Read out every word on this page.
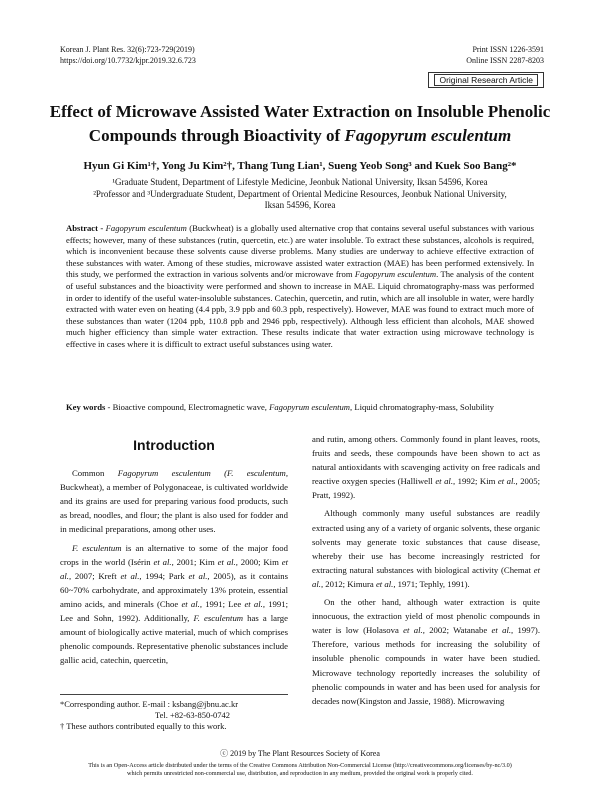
Korean J. Plant Res. 32(6):723-729(2019)
https://doi.org/10.7732/kjpr.2019.32.6.723
Print ISSN 1226-3591
Online ISSN 2287-8203
Original Research Article
Effect of Microwave Assisted Water Extraction on Insoluble Phenolic
Compounds through Bioactivity of Fagopyrum esculentum
Hyun Gi Kim¹†, Yong Ju Kim²†, Thang Tung Lian¹, Sueng Yeob Song³ and Kuek Soo Bang²*
¹Graduate Student, Department of Lifestyle Medicine, Jeonbuk National University, Iksan 54596, Korea
²Professor and ³Undergraduate Student, Department of Oriental Medicine Resources, Jeonbuk National University,
Iksan 54596, Korea
Abstract - Fagopyrum esculentum (Buckwheat) is a globally used alternative crop that contains several useful substances with various effects; however, many of these substances (rutin, quercetin, etc.) are water insoluble. To extract these substances, alcohols is required, which is inconvenient because these solvents cause diverse problems. Many studies are underway to achieve effective extraction of these substances with water. Among of these studies, microwave assisted water extraction (MAE) has been performed extensively. In this study, we performed the extraction in various solvents and/or microwave from Fagopyrum esculentum. The analysis of the content of useful substances and the bioactivity were performed and shown to increase in MAE. Liquid chromatography-mass was performed in order to identify of the useful water-insoluble substances. Catechin, quercetin, and rutin, which are all insoluble in water, were hardly extracted with water even on heating (4.4 ppb, 3.9 ppb and 60.3 ppb, respectively). However, MAE was found to extract much more of these substances than water (1204 ppb, 110.8 ppb and 2946 ppb, respectively). Although less efficient than alcohols, MAE showed much higher efficiency than simple water extraction. These results indicate that water extraction using microwave technology is effective in cases where it is difficult to extract useful substances using water.
Key words - Bioactive compound, Electromagnetic wave, Fagopyrum esculentum, Liquid chromatography-mass, Solubility
Introduction

Common Fagopyrum esculentum (F. esculentum, Buckwheat), a member of Polygonaceae, is cultivated worldwide and its grains are used for preparing various food products, such as bread, noodles, and flour; the plant is also used for fodder and in medicinal preparations, among other uses.

F. esculentum is an alternative to some of the major food crops in the world (Isérin et al., 2001; Kim et al., 2000; Kim et al., 2007; Kreft et al., 1994; Park et al., 2005), as it contains 60~70% carbohydrate, and approximately 13% protein, essential amino acids, and minerals (Choe et al., 1991; Lee et al., 1991; Lee and Sohn, 1992). Additionally, F. esculentum has a large amount of biologically active material, much of which comprises phenolic compounds. Representative phenolic substances include gallic acid, catechin, quercetin,

*Corresponding author. E-mail : ksbang@jbnu.ac.kr
Tel. +82-63-850-0742
† These authors contributed equally to this work.

and rutin, among others. Commonly found in plant leaves, roots, fruits and seeds, these compounds have been shown to act as natural antioxidants with scavenging activity on free radicals and reactive oxygen species (Halliwell et al., 1992; Kim et al., 2005; Pratt, 1992).

Although commonly many useful substances are readily extracted using any of a variety of organic solvents, these organic solvents may generate toxic substances that cause disease, whereby their use has become increasingly restricted for extracting natural substances with biological activity (Chemat et al., 2012; Kimura et al., 1971; Tephly, 1991).

On the other hand, although water extraction is quite innocuous, the extraction yield of most phenolic compounds in water is low (Holasova et al., 2002; Watanabe et al., 1997). Therefore, various methods for increasing the solubility of insoluble phenolic compounds in water have been studied. Microwave technology reportedly increases the solubility of phenolic compounds in water and has been used for analysis for decades now(Kingston and Jassie, 1988). Microwaving

ⓒ 2019 by The Plant Resources Society of Korea
This is an Open-Access article distributed under the terms of the Creative Commons Attribution Non-Commercial License (http://creativecommons.org/licenses/by-nc/3.0)
which permits unrestricted non-commercial use, distribution, and reproduction in any medium, provided the original work is properly cited.
